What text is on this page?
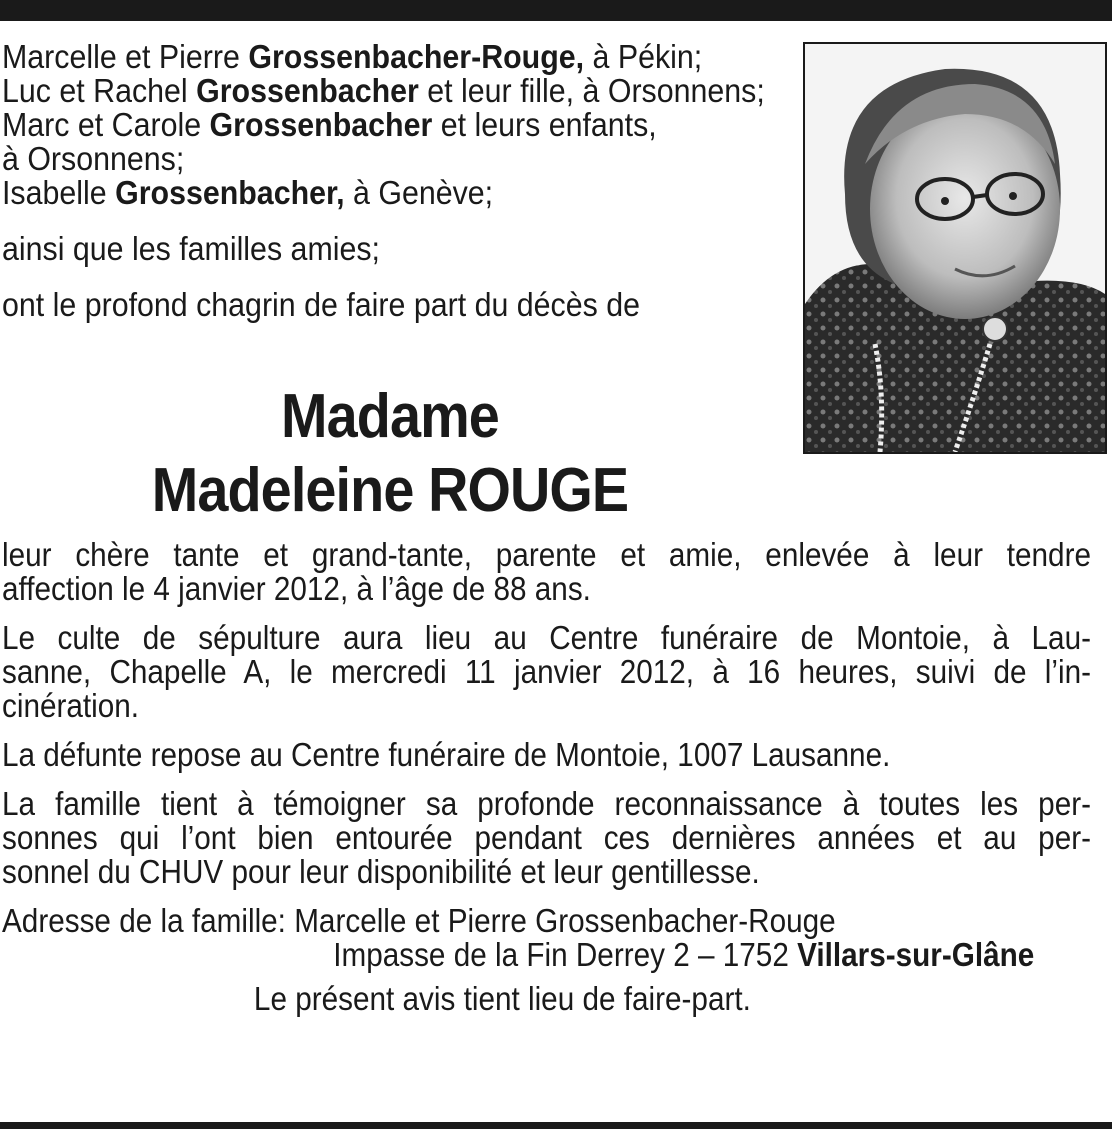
Marcelle et Pierre Grossenbacher-Rouge, à Pékin;
Luc et Rachel Grossenbacher et leur fille, à Orsonnens;
Marc et Carole Grossenbacher et leurs enfants,
à Orsonnens;
Isabelle Grossenbacher, à Genève;
ainsi que les familles amies;
ont le profond chagrin de faire part du décès de
Madame
Madeleine ROUGE

leur chère tante et grand-tante, parente et amie, enlevée à leur tendre
affection le 4 janvier 2012, à l’âge de 88 ans.

Le culte de sépulture aura lieu au Centre funéraire de Montoie, à Lau-
sanne, Chapelle A, le mercredi 11 janvier 2012, à 16 heures, suivi de l’in-
cinération.

La défunte repose au Centre funéraire de Montoie, 1007 Lausanne.

La famille tient à témoigner sa profonde reconnaissance à toutes les per-
sonnes qui l’ont bien entourée pendant ces dernières années et au per-
sonnel du CHUV pour leur disponibilité et leur gentillesse.

Adresse de la famille: Marcelle et Pierre Grossenbacher-Rouge
Impasse de la Fin Derrey 2 – 1752 Villars-sur-Glâne

Le présent avis tient lieu de faire-part.
